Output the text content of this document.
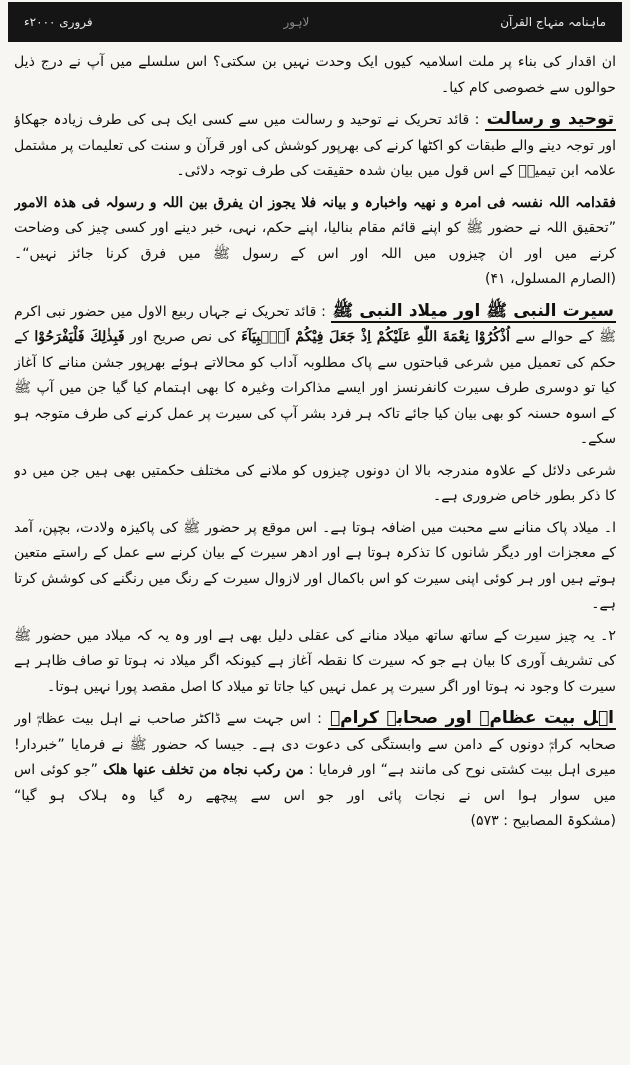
ماہنامہ منہاج القرآن
لاہور
فروری ۲۰۰۰ء

ان اقدار کی بناء پر ملت اسلامیہ کیوں ایک وحدت نہیں بن سکتی؟ اس سلسلے میں آپ نے درج ذیل حوالوں سے خصوصی کام کیا۔

توحید و رسالت : قائد تحریک نے توحید و رسالت میں سے کسی ایک ہی کی طرف زیادہ جھکاؤ اور توجہ دینے والے طبقات کو اکٹھا کرنے کی بھرپور کوشش کی اور قرآن و سنت کی تعلیمات پر مشتمل علامہ ابن تیمیہؒ کے اس قول میں بیان شدہ حقیقت کی طرف توجہ دلائی۔

فقدامہ اللہ نفسہ فی امرہ و نھیہ واخبارہ و بیانہ فلا یجوز ان یفرق بین اللہ و رسولہ فی ھذہ الامور ”تحقیق اللہ نے حضور ﷺ کو اپنے قائم مقام بنالیا، اپنے حکم، نہی، خبر دینے اور کسی چیز کی وضاحت کرنے میں اور ان چیزوں میں اللہ اور اس کے رسول ﷺ میں فرق کرنا جائز نہیں“۔ (الصارم المسلول، ۴۱)

سیرت النبی ﷺ اور میلاد النبی ﷺ : قائد تحریک نے جہاں ربیع الاول میں حضور نبی اکرم ﷺ کے حوالے سے اُذْكُرُوْا نِعْمَةَ اللّٰهِ عَلَيْكُمْ اِذْ جَعَلَ فِيْكُمْ اَنْۢبِيَآءَ کی نص صریح اور فَبِذٰلِكَ فَلْيَفْرَحُوْا کے حکم کی تعمیل میں شرعی قباحتوں سے پاک مطلوبہ آداب کو محالاتے ہوئے بھرپور جشن منانے کا آغاز کیا تو دوسری طرف سیرت کانفرنسز اور ایسے مذاکرات وغیرہ کا بھی اہتمام کیا گیا جن میں آپ ﷺ کے اسوہ حسنہ کو بھی بیان کیا جائے تاکہ ہر فرد بشر آپ کی سیرت پر عمل کرنے کی طرف متوجہ ہو سکے۔

شرعی دلائل کے علاوہ مندرجہ بالا ان دونوں چیزوں کو ملانے کی مختلف حکمتیں بھی ہیں جن میں دو کا ذکر بطور خاص ضروری ہے۔

ا۔ میلاد پاک منانے سے محبت میں اضافہ ہوتا ہے۔ اس موقع پر حضور ﷺ کی پاکیزہ ولادت، بچپن، آمد کے معجزات اور دیگر شانوں کا تذکرہ ہوتا ہے اور ادھر سیرت کے بیان کرنے سے عمل کے راستے متعین ہوتے ہیں اور ہر کوئی اپنی سیرت کو اس باکمال اور لازوال سیرت کے رنگ میں رنگنے کی کوشش کرتا ہے۔

۲۔ یہ چیز سیرت کے ساتھ ساتھ میلاد منانے کی عقلی دلیل بھی ہے اور وہ یہ کہ میلاد میں حضور ﷺ کی تشریف آوری کا بیان ہے جو کہ سیرت کا نقطہ آغاز ہے کیونکہ اگر میلاد نہ ہوتا تو صاف ظاہر ہے سیرت کا وجود نہ ہوتا اور اگر سیرت پر عمل نہیں کیا جاتا تو میلاد کا اصل مقصد پورا نہیں ہوتا۔

اہل بیت عظامؓ اور صحابہ کرامؓ : اس جہت سے ڈاکٹر صاحب نے اہل بیت عظامؓ اور صحابہ کرامؓ دونوں کے دامن سے وابستگی کی دعوت دی ہے۔ جیسا کہ حضور ﷺ نے فرمایا ”خبردار! میری اہل بیت کشتی نوح کی مانند ہے“ اور فرمایا : من رکب نجاہ من تخلف عنھا ھلک ”جو کوئی اس میں سوار ہوا اس نے نجات پائی اور جو اس سے پیچھے رہ گیا وہ ہلاک ہو گیا“ (مشکوۃ المصابیح : ۵۷۳)
